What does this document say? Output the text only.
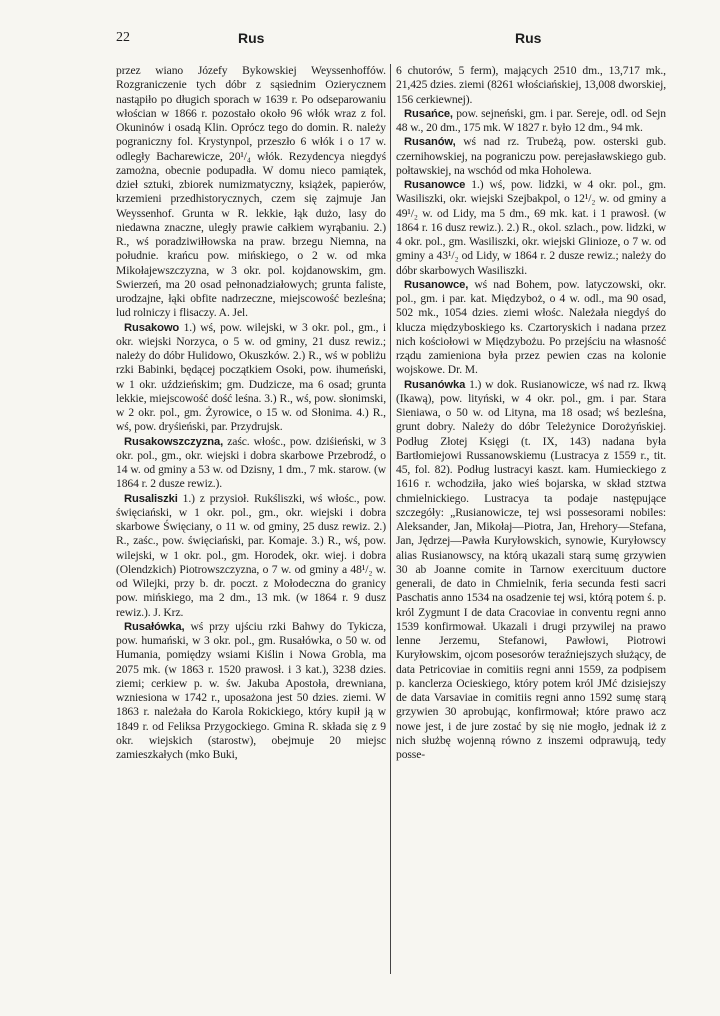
22	Rus	Rus

przez wiano Józefy Bykowskiej Weyssenhoffów. Rozgraniczenie tych dóbr z sąsiednim Ozierycznem nastąpiło po długich sporach w 1639 r. Po odseparowaniu włościan w 1866 r. pozostało około 96 włók wraz z fol. Okuninów i osadą Klin. Oprócz tego do domin. R. należy pograniczny fol. Krystynpol, przeszło 6 włók i o 17 w. odległy Bacharewicze, 20¹/₄ włók. Rezydencya niegdyś zamożna, obecnie podupadła. W domu nieco pamiątek, dzieł sztuki, zbiorek numizmatyczny, książek, papierów, krzemieni przedhistorycznych, czem się zajmuje Jan Weyssenhof. Grunta w R. lekkie, łąk dużo, lasy do niedawna znaczne, uległy prawie całkiem wyrąbaniu. 2.) R., wś poradziwiłłowska na praw. brzegu Niemna, na południe. krańcu pow. mińskiego, o 2 w. od mka Mikołajewszczyzna, w 3 okr. pol. kojdanowskim, gm. Swierzeń, ma 20 osad pełnonadziałowych; grunta faliste, urodzajne, łąki obfite nadrzeczne, miejscowość bezleśna; lud rolniczy i flisaczy. A. Jel.

Rusakowo 1.) wś, pow. wilejski, w 3 okr. pol., gm., i okr. wiejski Norzyca, o 5 w. od gminy, 21 dusz rewiz.; należy do dóbr Hulidowo, Okuszków. 2.) R., wś w pobliżu rzki Babinki, będącej początkiem Osoki, pow. ihumeński, w 1 okr. uździeńskim; gm. Dudzicze, ma 6 osad; grunta lekkie, miejscowość dość leśna. 3.) R., wś, pow. słonimski, w 2 okr. pol., gm. Żyrowice, o 15 w. od Słonima. 4.) R., wś, pow. dryśieński, par. Przydrujsk.

Rusakowszczyzna, zaśc. włośc., pow. dziśieński, w 3 okr. pol., gm., okr. wiejski i dobra skarbowe Przebrodź, o 14 w. od gminy a 53 w. od Dzisny, 1 dm., 7 mk. starow. (w 1864 r. 2 dusze rewiz.).

Rusaliszki 1.) z przysioł. Rukśliszki, wś włośc., pow. święciański, w 1 okr. pol., gm., okr. wiejski i dobra skarbowe Święciany, o 11 w. od gminy, 25 dusz rewiz. 2.) R., zaśc., pow. święciański, par. Komaje. 3.) R., wś, pow. wilejski, w 1 okr. pol., gm. Horodek, okr. wiej. i dobra (Olendzkich) Piotrowszczyzna, o 7 w. od gminy a 48¹/₂ w. od Wilejki, przy b. dr. poczt. z Mołodeczna do granicy pow. mińskiego, ma 2 dm., 13 mk. (w 1864 r. 9 dusz rewiz.). J. Krz.

Rusałówka, wś przy ujściu rzki Bahwy do Tykicza, pow. humański, w 3 okr. pol., gm. Rusałówka, o 50 w. od Humania, pomiędzy wsiami Kiślin i Nowa Grobla, ma 2075 mk. (w 1863 r. 1520 prawosł. i 3 kat.), 3238 dzies. ziemi; cerkiew p. w. św. Jakuba Apostoła, drewniana, wzniesiona w 1742 r., uposażona jest 50 dzies. ziemi. W 1863 r. należała do Karola Rokickiego, który kupił ją w 1849 r. od Feliksa Przygockiego. Gmina R. składa się z 9 okr. wiejskich (starostw), obejmuje 20 miejsc zamieszkałych (mko Buki,

6 chutorów, 5 ferm), mających 2510 dm., 13,717 mk., 21,425 dzies. ziemi (8261 włościańskiej, 13,008 dworskiej, 156 cerkiewnej).

Rusańce, pow. sejneński, gm. i par. Sereje, odl. od Sejn 48 w., 20 dm., 175 mk. W 1827 r. było 12 dm., 94 mk.

Rusanów, wś nad rz. Trubeżą, pow. osterski gub. czernihowskiej, na pograniczu pow. perejasławskiego gub. połtawskiej, na wschód od mka Hoholewa.

Rusanowce 1.) wś, pow. lidzki, w 4 okr. pol., gm. Wasiliszki, okr. wiejski Szejbakpol, o 12¹/₂ w. od gminy a 49¹/₂ w. od Lidy, ma 5 dm., 69 mk. kat. i 1 prawosł. (w 1864 r. 16 dusz rewiz.). 2.) R., okol. szlach., pow. lidzki, w 4 okr. pol., gm. Wasiliszki, okr. wiejski Glinioze, o 7 w. od gminy a 43¹/₂ od Lidy, w 1864 r. 2 dusze rewiz.; należy do dóbr skarbowych Wasiliszki.

Rusanowce, wś nad Bohem, pow. latyczowski, okr. pol., gm. i par. kat. Międzyboż, o 4 w. odl., ma 90 osad, 502 mk., 1054 dzies. ziemi włośc. Należała niegdyś do klucza międzyboskiego ks. Czartoryskich i nadana przez nich kościołowi w Międzybożu. Po przejściu na własność rządu zamieniona była przez pewien czas na kolonie wojskowe. Dr. M.

Rusanówka 1.) w dok. Rusianowicze, wś nad rz. Ikwą (Ikawą), pow. lityński, w 4 okr. pol., gm. i par. Stara Sieniawa, o 50 w. od Lityna, ma 18 osad; wś bezleśna, grunt dobry. Należy do dóbr Teleżynice Dorożyńskiej. Podług Złotej Księgi (t. IX, 143) nadana była Bartłomiejowi Russanowskiemu (Lustracya z 1559 r., tit. 45, fol. 82). Podług lustracyi kaszt. kam. Humieckiego z 1616 r. wchodziła, jako wieś bojarska, w skład stztwa chmielnickiego. Lustracya ta podaje następujące szczegóły: „Rusianowicze, tej wsi possesorami nobiles: Aleksander, Jan, Mikołaj—Piotra, Jan, Hrehory—Stefana, Jan, Jędrzej—Pawła Kuryłowskich, synowie, Kuryłowscy alias Rusianowscy, na którą ukazali starą sumę grzywien 30 ab Joanne comite in Tarnow exercituum ductore generali, de dato in Chmielnik, feria secunda festi sacri Paschatis anno 1534 na osadzenie tej wsi, którą potem ś. p. król Zygmunt I de data Cracoviae in conventu regni anno 1539 konfirmował. Ukazali i drugi przywilej na prawo lenne Jerzemu, Stefanowi, Pawłowi, Piotrowi Kuryłowskim, ojcom posesorów teraźniejszych służący, de data Petricoviae in comitiis regni anni 1559, za podpisem p. kanclerza Ocieskiego, który potem król JMć dzisiejszy de data Varsaviae in comitiis regni anno 1592 sumę starą grzywien 30 aprobując, konfirmował; które prawo acz nowe jest, i de jure zostać by się nie mogło, jednak iż z nich służbę wojenną równo z inszemi odprawują, tedy posse-
